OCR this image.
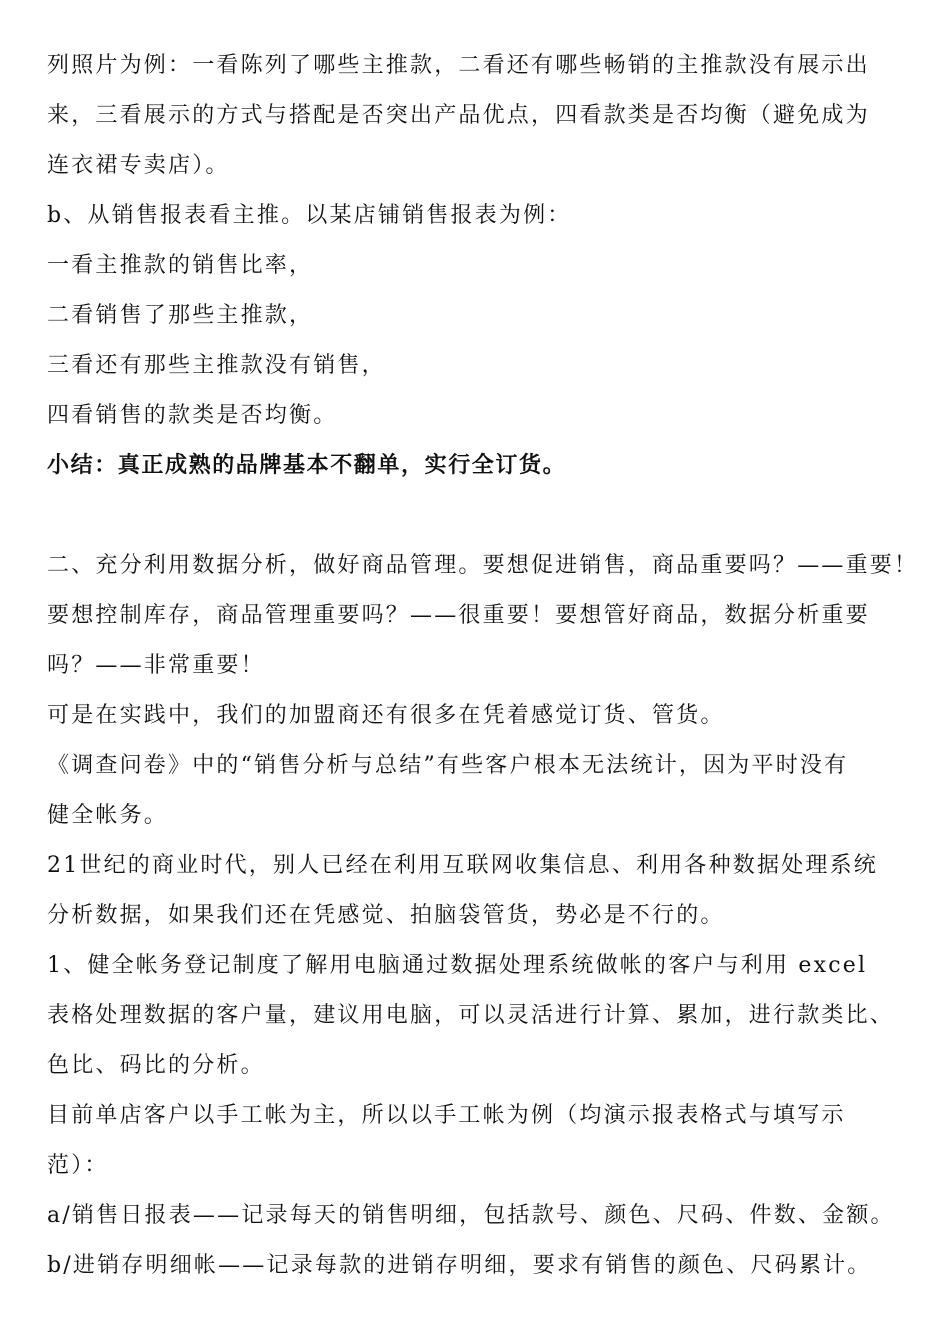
列照片为例：一看陈列了哪些主推款，二看还有哪些畅销的主推款没有展示出
来，三看展示的方式与搭配是否突出产品优点，四看款类是否均衡（避免成为
连衣裙专卖店）。
b、从销售报表看主推。以某店铺销售报表为例：
一看主推款的销售比率，
二看销售了那些主推款，
三看还有那些主推款没有销售，
四看销售的款类是否均衡。
小结：真正成熟的品牌基本不翻单，实行全订货。
二、充分利用数据分析，做好商品管理。要想促进销售，商品重要吗？——重要！
要想控制库存，商品管理重要吗？——很重要！要想管好商品，数据分析重要
吗？——非常重要！
可是在实践中，我们的加盟商还有很多在凭着感觉订货、管货。
《调查问卷》中的“销售分析与总结”有些客户根本无法统计，因为平时没有
健全帐务。
21世纪的商业时代，别人已经在利用互联网收集信息、利用各种数据处理系统
分析数据，如果我们还在凭感觉、拍脑袋管货，势必是不行的。
1、健全帐务登记制度了解用电脑通过数据处理系统做帐的客户与利用 excel
表格处理数据的客户量，建议用电脑，可以灵活进行计算、累加，进行款类比、
色比、码比的分析。
目前单店客户以手工帐为主，所以以手工帐为例（均演示报表格式与填写示
范）：
a/销售日报表——记录每天的销售明细，包括款号、颜色、尺码、件数、金额。
b/进销存明细帐——记录每款的进销存明细，要求有销售的颜色、尺码累计。
